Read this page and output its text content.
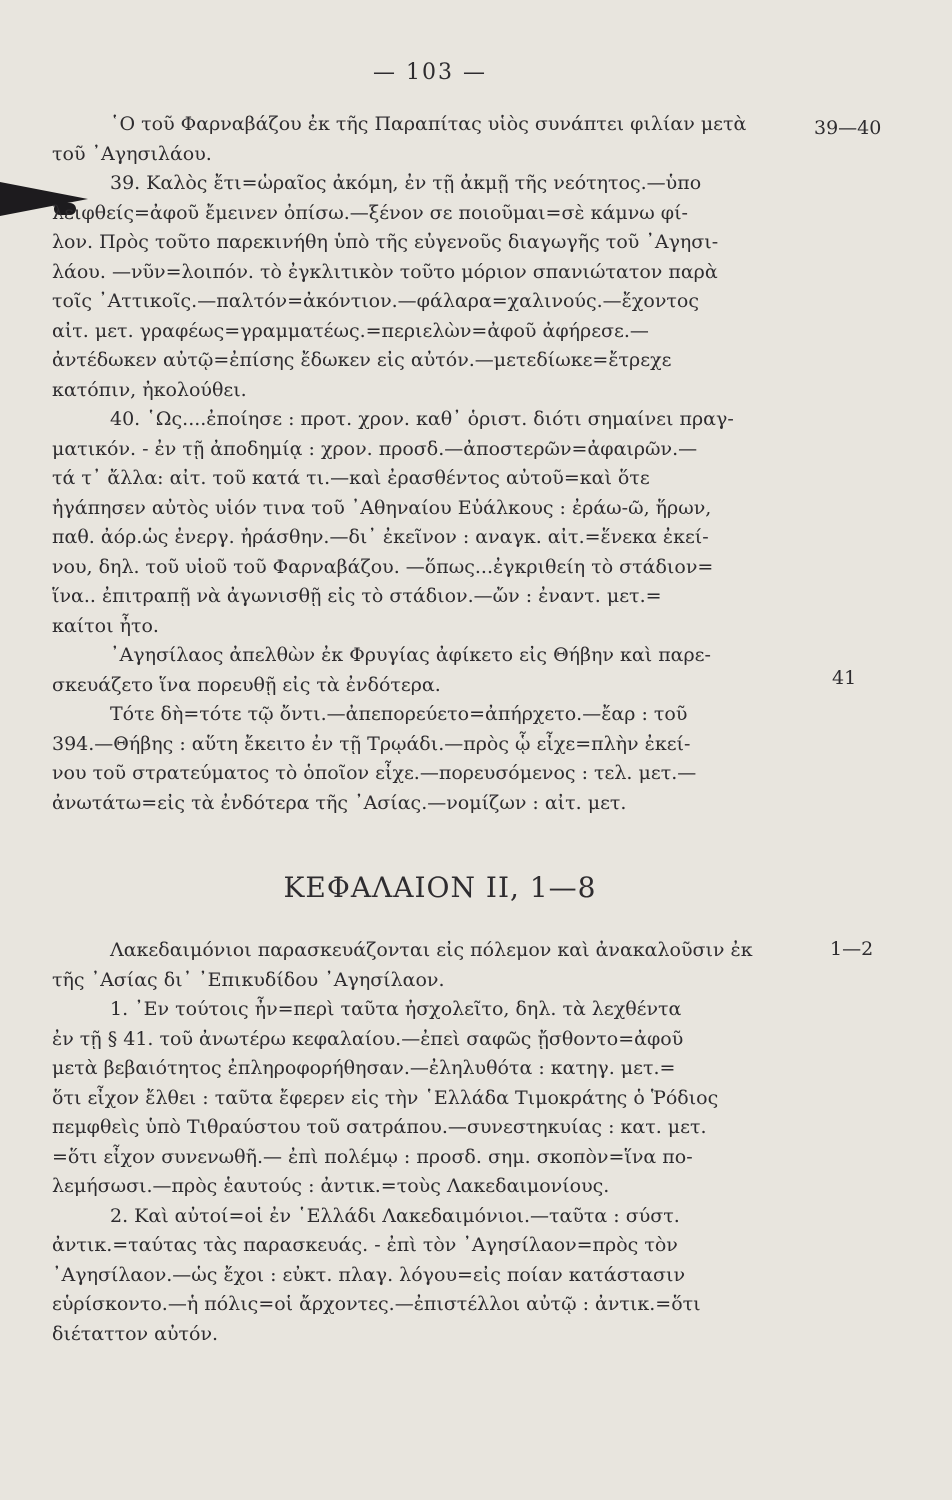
— 103 —
39—40
41
1—2
῾Ο τοῦ Φαρναβάζου ἐκ τῆς Παραπίτας υἱὸς συνάπτει φιλίαν μετὰ
τοῦ ᾿Αγησιλάου.
39. Καλὸς ἔτι=ὡραῖος ἀκόμη, ἐν τῇ ἀκμῇ τῆς νεότητος.—ὑπο
λειφθείς=ἀφοῦ ἔμεινεν ὀπίσω.—ξένον σε ποιοῦμαι=σὲ κάμνω φί-
λον. Πρὸς τοῦτο παρεκινήθη ὑπὸ τῆς εὐγενοῦς διαγωγῆς τοῦ ᾿Αγησι-
λάου. —νῦν=λοιπόν. τὸ ἐγκλιτικὸν τοῦτο μόριον σπανιώτατον παρὰ
τοῖς ᾿Αττικοῖς.—παλτόν=ἀκόντιον.—φάλαρα=χαλινούς.—ἔχοντος
αἰτ. μετ. γραφέως=γραμματέως.=περιελὼν=ἀφοῦ ἀφήρεσε.—
ἀντέδωκεν αὐτῷ=ἐπίσης ἔδωκεν εἰς αὐτόν.—μετεδίωκε=ἔτρεχε
κατόπιν, ἠκολούθει.
40. ῾Ως....ἐποίησε : προτ. χρον. καθ᾿ ὁριστ. διότι σημαίνει πραγ-
ματικόν. - ἐν τῇ ἀποδημίᾳ : χρον. προσδ.—ἀποστερῶν=ἀφαιρῶν.—
τά τ᾿ ἄλλα: αἰτ. τοῦ κατά τι.—καὶ ἐρασθέντος αὐτοῦ=καὶ ὅτε
ἠγάπησεν αὐτὸς υἱόν τινα τοῦ ᾿Αθηναίου Εὐάλκους : ἐράω-ῶ, ἥρων,
παθ. ἀόρ.ὡς ἐνεργ. ἠράσθην.—δι᾿ ἐκεῖνον : αναγκ. αἰτ.=ἕνεκα ἐκεί-
νου, δηλ. τοῦ υἱοῦ τοῦ Φαρναβάζου. —ὅπως...ἐγκριθείη τὸ στάδιον=
ἵνα.. ἐπιτραπῇ νὰ ἀγωνισθῇ εἰς τὸ στάδιον.—ὤν : ἐναντ. μετ.=
καίτοι ἦτο.
᾿Αγησίλαος ἀπελθὼν ἐκ Φρυγίας ἀφίκετο εἰς Θήβην καὶ παρε-
σκευάζετο ἵνα πορευθῇ εἰς τὰ ἐνδότερα.
Τότε δὴ=τότε τῷ ὄντι.—ἀπεπορεύετο=ἀπήρχετο.—ἔαρ : τοῦ
394.—Θήβης : αὕτη ἔκειτο ἐν τῇ Τρῳάδι.—πρὸς ᾧ εἶχε=πλὴν ἐκεί-
νου τοῦ στρατεύματος τὸ ὁποῖον εἶχε.—πορευσόμενος : τελ. μετ.—
ἀνωτάτω=εἰς τὰ ἐνδότερα τῆς ᾿Ασίας.—νομίζων : αἰτ. μετ.
ΚΕΦΑΛΑΙΟΝ II, 1—8
Λακεδαιμόνιοι παρασκευάζονται εἰς πόλεμον καὶ ἀνακαλοῦσιν ἐκ
τῆς ᾿Ασίας δι᾿ ᾿Επικυδίδου ᾿Αγησίλαον.
1. ᾿Εν τούτοις ἦν=περὶ ταῦτα ἠσχολεῖτο, δηλ. τὰ λεχθέντα
ἐν τῇ § 41. τοῦ ἀνωτέρω κεφαλαίου.—ἐπεὶ σαφῶς ᾔσθοντο=ἀφοῦ
μετὰ βεβαιότητος ἐπληροφορήθησαν.—ἐληλυθότα : κατηγ. μετ.=
ὅτι εἶχον ἔλθει : ταῦτα ἔφερεν εἰς τὴν ῾Ελλάδα Τιμοκράτης ὁ Ῥόδιος
πεμφθεὶς ὑπὸ Τιθραύστου τοῦ σατράπου.—συνεστηκυίας : κατ. μετ.
=ὅτι εἶχον συνενωθῆ.— ἐπὶ πολέμῳ : προσδ. σημ. σκοπὸν=ἵνα πο-
λεμήσωσι.—πρὸς ἑαυτούς : ἀντικ.=τοὺς Λακεδαιμονίους.
2. Καὶ αὐτοί=οἱ ἐν ῾Ελλάδι Λακεδαιμόνιοι.—ταῦτα : σύστ.
ἀντικ.=ταύτας τὰς παρασκευάς. - ἐπὶ τὸν ᾿Αγησίλαον=πρὸς τὸν
᾿Αγησίλαον.—ὡς ἔχοι : εὐκτ. πλαγ. λόγου=εἰς ποίαν κατάστασιν
εὑρίσκοντο.—ἡ πόλις=οἱ ἄρχοντες.—ἐπιστέλλοι αὐτῷ : ἀντικ.=ὅτι
διέταττον αὐτόν.
